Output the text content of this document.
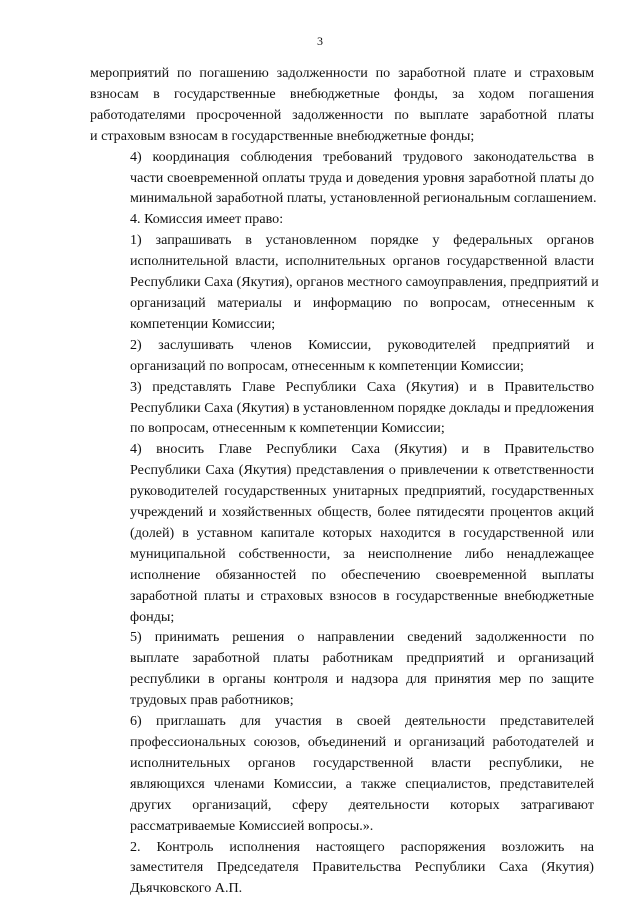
3

мероприятий по погашению задолженности по заработной плате и страховым
взносам в государственные внебюджетные фонды, за ходом погашения
работодателями просроченной задолженности по выплате заработной платы
и страховым взносам в государственные внебюджетные фонды;

4) координация соблюдения требований трудового законодательства в
части своевременной оплаты труда и доведения уровня заработной платы до
минимальной заработной платы, установленной региональным соглашением.

4. Комиссия имеет право:

1) запрашивать в установленном порядке у федеральных органов
исполнительной власти, исполнительных органов государственной власти
Республики Саха (Якутия), органов местного самоуправления, предприятий и
организаций материалы и информацию по вопросам, отнесенным к
компетенции Комиссии;

2) заслушивать членов Комиссии, руководителей предприятий и
организаций по вопросам, отнесенным к компетенции Комиссии;

3) представлять Главе Республики Саха (Якутия) и в Правительство
Республики Саха (Якутия) в установленном порядке доклады и предложения
по вопросам, отнесенным к компетенции Комиссии;

4) вносить Главе Республики Саха (Якутия) и в Правительство
Республики Саха (Якутия) представления о привлечении к ответственности
руководителей государственных унитарных предприятий, государственных
учреждений и хозяйственных обществ, более пятидесяти процентов акций
(долей) в уставном капитале которых находится в государственной или
муниципальной собственности, за неисполнение либо ненадлежащее
исполнение обязанностей по обеспечению своевременной выплаты
заработной платы и страховых взносов в государственные внебюджетные
фонды;

5) принимать решения о направлении сведений задолженности по
выплате заработной платы работникам предприятий и организаций
республики в органы контроля и надзора для принятия мер по защите
трудовых прав работников;

6) приглашать для участия в своей деятельности представителей
профессиональных союзов, объединений и организаций работодателей и
исполнительных органов государственной власти республики, не
являющихся членами Комиссии, а также специалистов, представителей
других организаций, сферу деятельности которых затрагивают
рассматриваемые Комиссией вопросы.».

2. Контроль исполнения настоящего распоряжения возложить на
заместителя Председателя Правительства Республики Саха (Якутия)
Дьячковского А.П.
